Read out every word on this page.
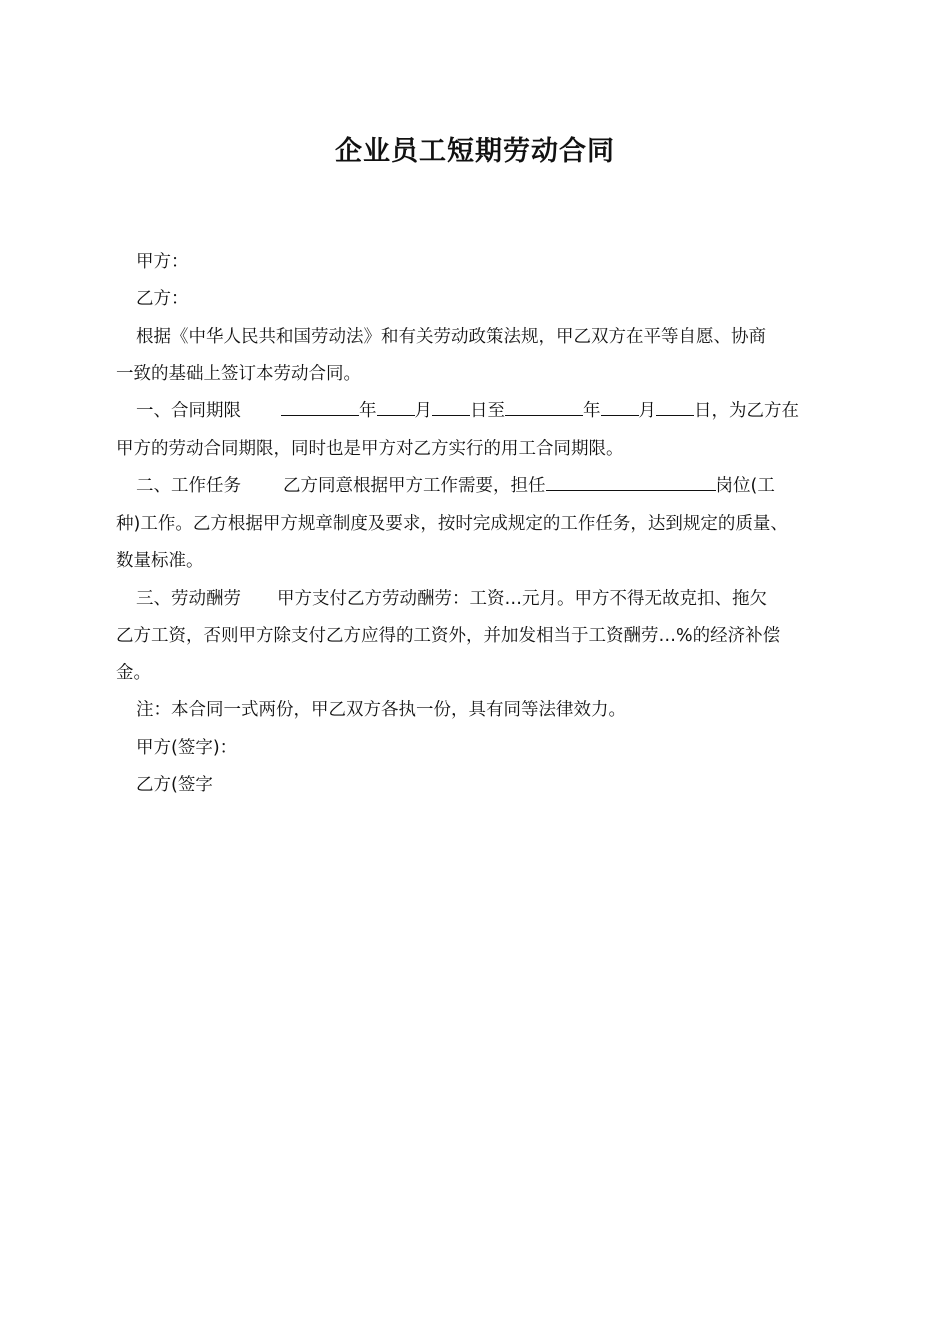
企业员工短期劳动合同
甲方：
乙方：
根据《中华人民共和国劳动法》和有关劳动政策法规，甲乙双方在平等自愿、协商
一致的基础上签订本劳动合同。
一、合同期限	年 月 日至	年 月 日，为乙方在
甲方的劳动合同期限，同时也是甲方对乙方实行的用工合同期限。
二、工作任务 乙方同意根据甲方工作需要，担任	岗位(工
种)工作。乙方根据甲方规章制度及要求，按时完成规定的工作任务，达到规定的质量、
数量标准。
三、劳动酬劳 甲方支付乙方劳动酬劳：工资…元月。甲方不得无故克扣、拖欠
乙方工资，否则甲方除支付乙方应得的工资外，并加发相当于工资酬劳…%的经济补偿
金。
注：本合同一式两份，甲乙双方各执一份，具有同等法律效力。
甲方(签字)：
乙方(签字
